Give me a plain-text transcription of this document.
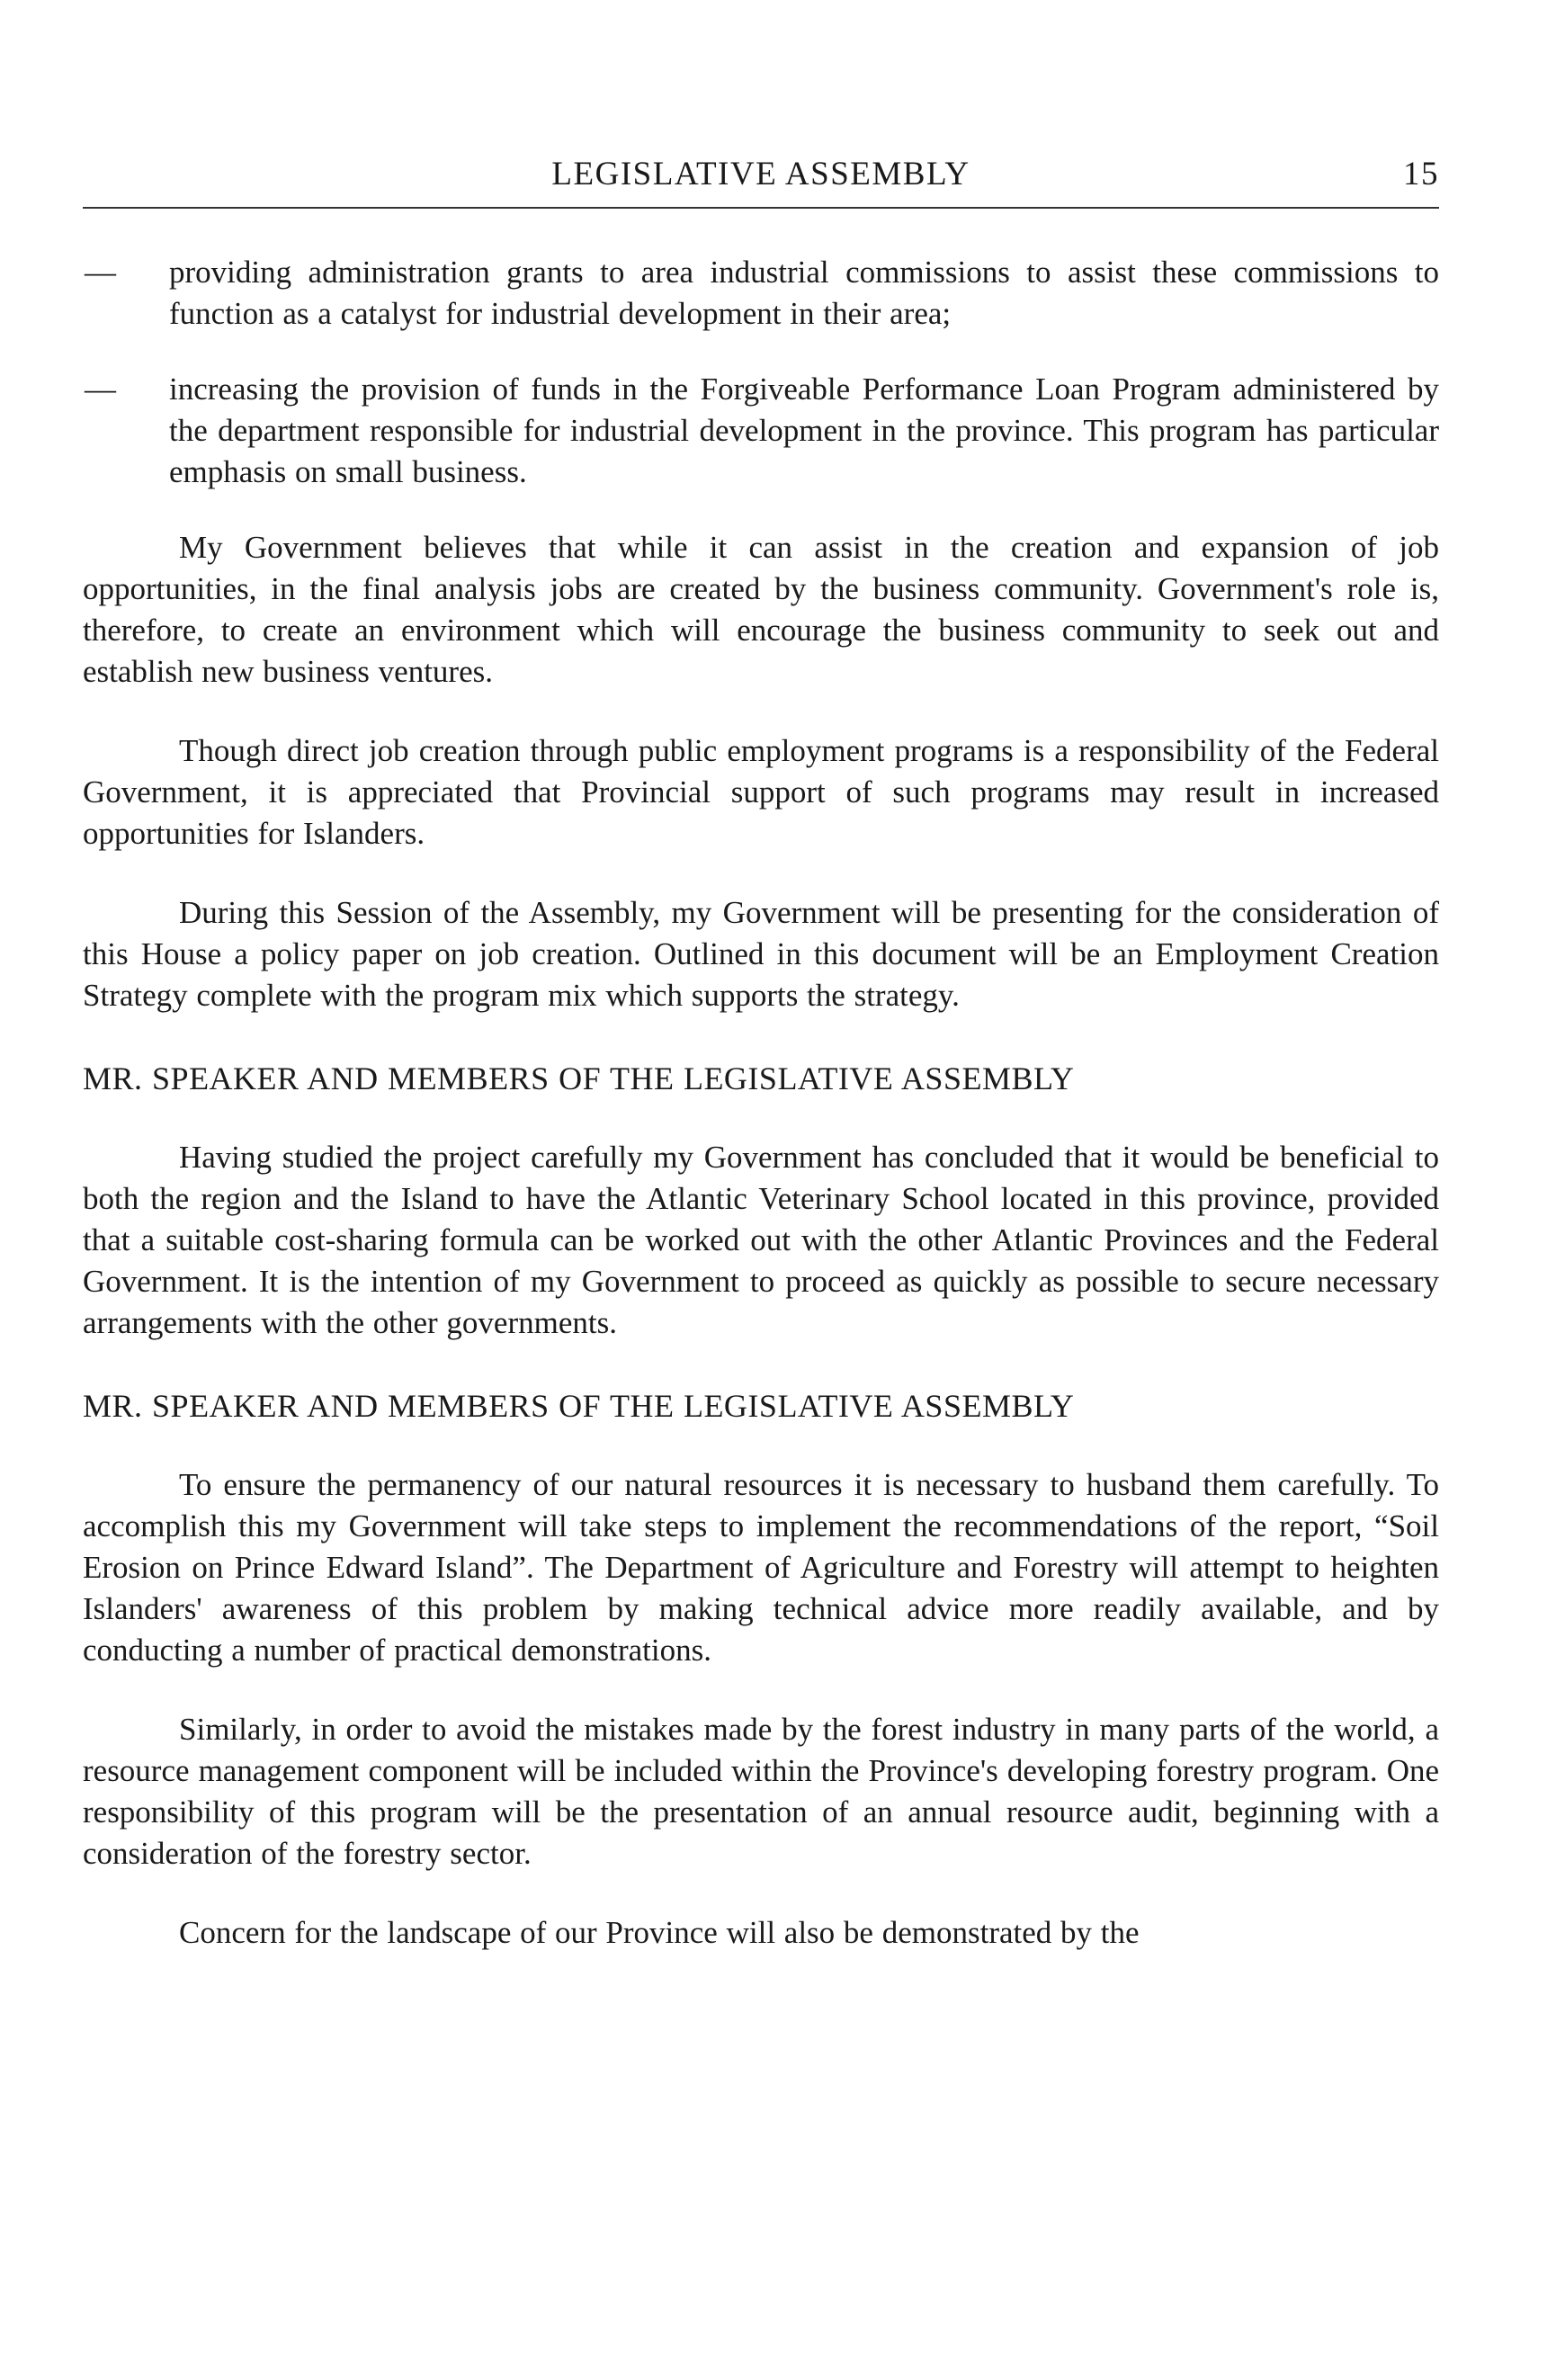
LEGISLATIVE ASSEMBLY	15
— providing administration grants to area industrial commissions to assist these commissions to function as a catalyst for industrial development in their area;
— increasing the provision of funds in the Forgiveable Performance Loan Program administered by the department responsible for industrial development in the province. This program has particular emphasis on small business.

My Government believes that while it can assist in the creation and expansion of job opportunities, in the final analysis jobs are created by the business community. Government's role is, therefore, to create an environment which will encourage the business community to seek out and establish new business ventures.

Though direct job creation through public employment programs is a responsibility of the Federal Government, it is appreciated that Provincial support of such programs may result in increased opportunities for Islanders.

During this Session of the Assembly, my Government will be presenting for the consideration of this House a policy paper on job creation. Outlined in this document will be an Employment Creation Strategy complete with the program mix which supports the strategy.

MR. SPEAKER AND MEMBERS OF THE LEGISLATIVE ASSEMBLY

Having studied the project carefully my Government has concluded that it would be beneficial to both the region and the Island to have the Atlantic Veterinary School located in this province, provided that a suitable cost-sharing formula can be worked out with the other Atlantic Provinces and the Federal Government. It is the intention of my Government to proceed as quickly as possible to secure necessary arrangements with the other governments.

MR. SPEAKER AND MEMBERS OF THE LEGISLATIVE ASSEMBLY

To ensure the permanency of our natural resources it is necessary to husband them carefully. To accomplish this my Government will take steps to implement the recommendations of the report, “Soil Erosion on Prince Edward Island”. The Department of Agriculture and Forestry will attempt to heighten Islanders' awareness of this problem by making technical advice more readily available, and by conducting a number of practical demonstrations.

Similarly, in order to avoid the mistakes made by the forest industry in many parts of the world, a resource management component will be included within the Province's developing forestry program. One responsibility of this program will be the presentation of an annual resource audit, beginning with a consideration of the forestry sector.

Concern for the landscape of our Province will also be demonstrated by the
